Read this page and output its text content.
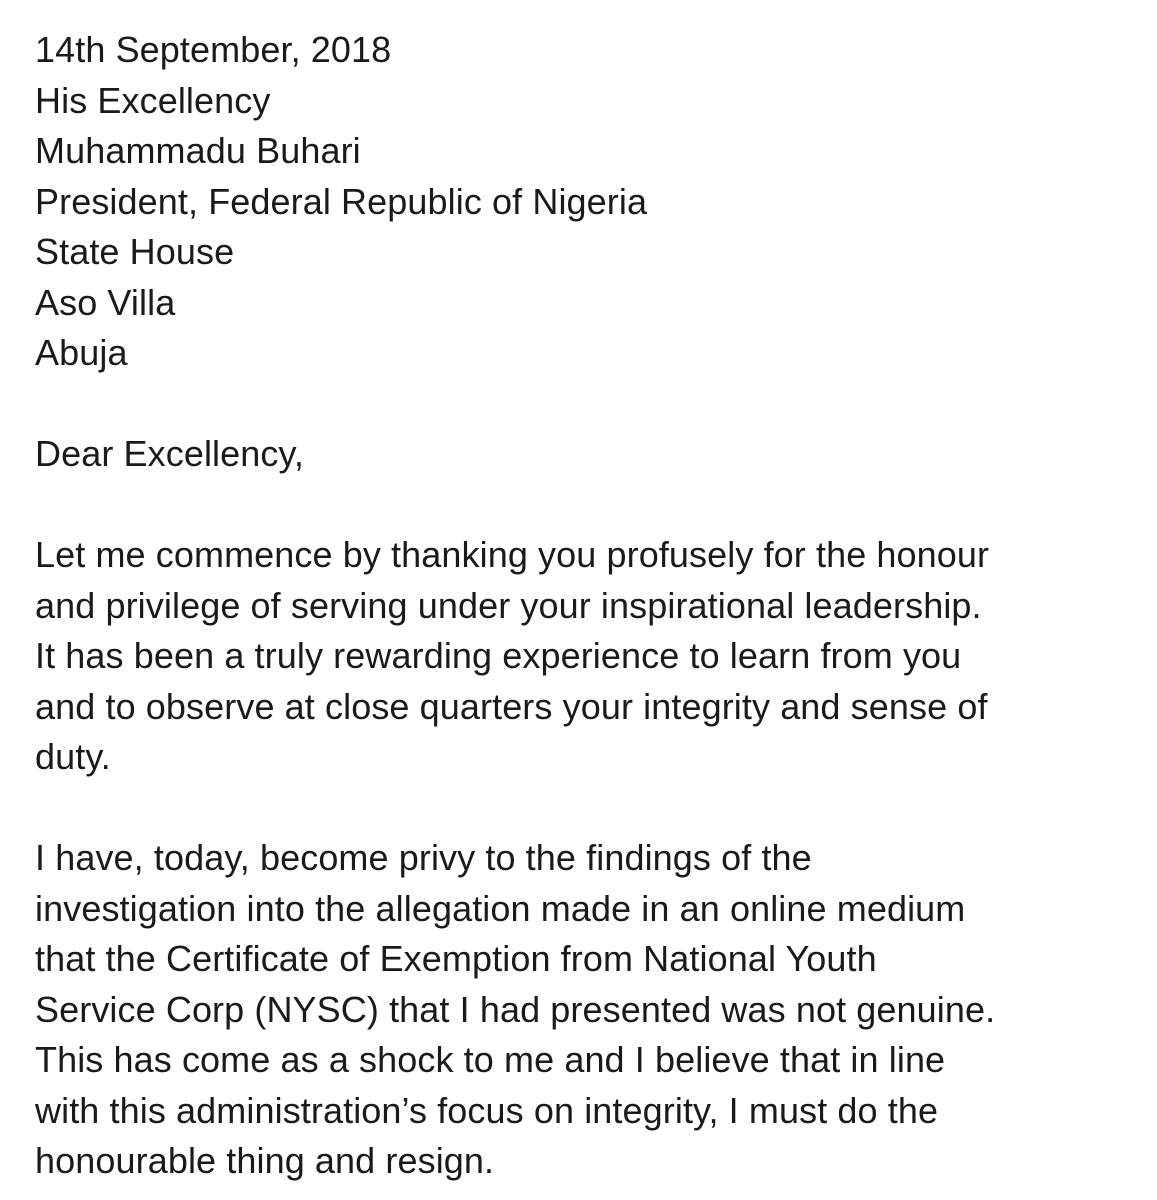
14th September, 2018
His Excellency
Muhammadu Buhari
President, Federal Republic of Nigeria
State House
Aso Villa
Abuja
Dear Excellency,
Let me commence by thanking you profusely for the honour
and privilege of serving under your inspirational leadership.
It has been a truly rewarding experience to learn from you
and to observe at close quarters your integrity and sense of
duty.
I have, today, become privy to the findings of the
investigation into the allegation made in an online medium
that the Certificate of Exemption from National Youth
Service Corp (NYSC) that I had presented was not genuine.
This has come as a shock to me and I believe that in line
with this administration’s focus on integrity, I must do the
honourable thing and resign.
